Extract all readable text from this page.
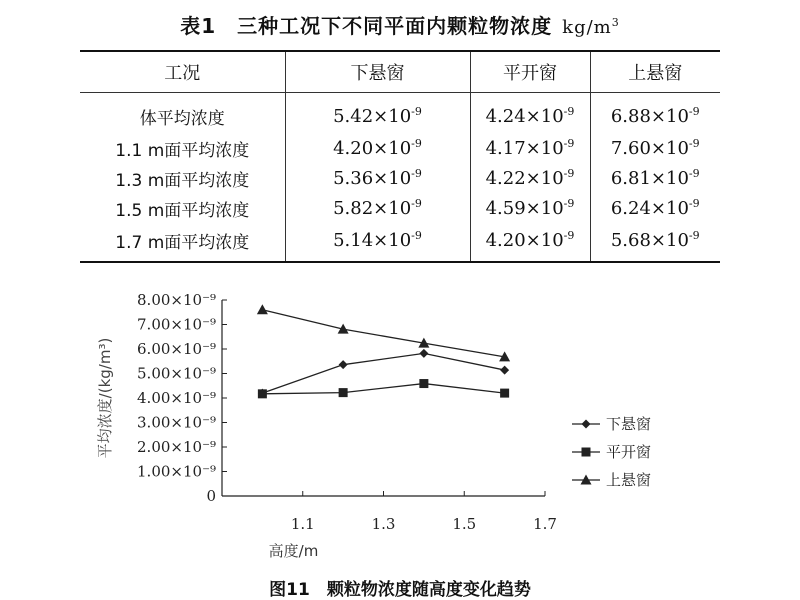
表1　三种工况下不同平面内颗粒物浓度 $kg/m^3$
工况	下悬窗	平开窗	上悬窗
体平均浓度	$5.42\times 10^{-9}$	$4.24\times 10^{-9}$	$6.88\times 10^{-9}$
1.1 m面平均浓度	$4.20\times 10^{-9}$	$4.17\times 10^{-9}$	$7.60\times 10^{-9}$
1.3 m面平均浓度	$5.36\times 10^{-9}$	$4.22\times 10^{-9}$	$6.81\times 10^{-9}$
1.5 m面平均浓度	$5.82\times 10^{-9}$	$4.59\times 10^{-9}$	$6.24\times 10^{-9}$
1.7 m面平均浓度	$5.14\times 10^{-9}$	$4.20\times 10^{-9}$	$5.68\times 10^{-9}$
0
1.00×10⁻⁹
2.00×10⁻⁹
3.00×10⁻⁹
4.00×10⁻⁹
5.00×10⁻⁹
6.00×10⁻⁹
7.00×10⁻⁹
8.00×10⁻⁹
1.1	1.3	1.5	1.7
高度/m
平均浓度/(kg/m³)	下悬窗
平开窗
上悬窗
图11　颗粒物浓度随高度变化趋势
